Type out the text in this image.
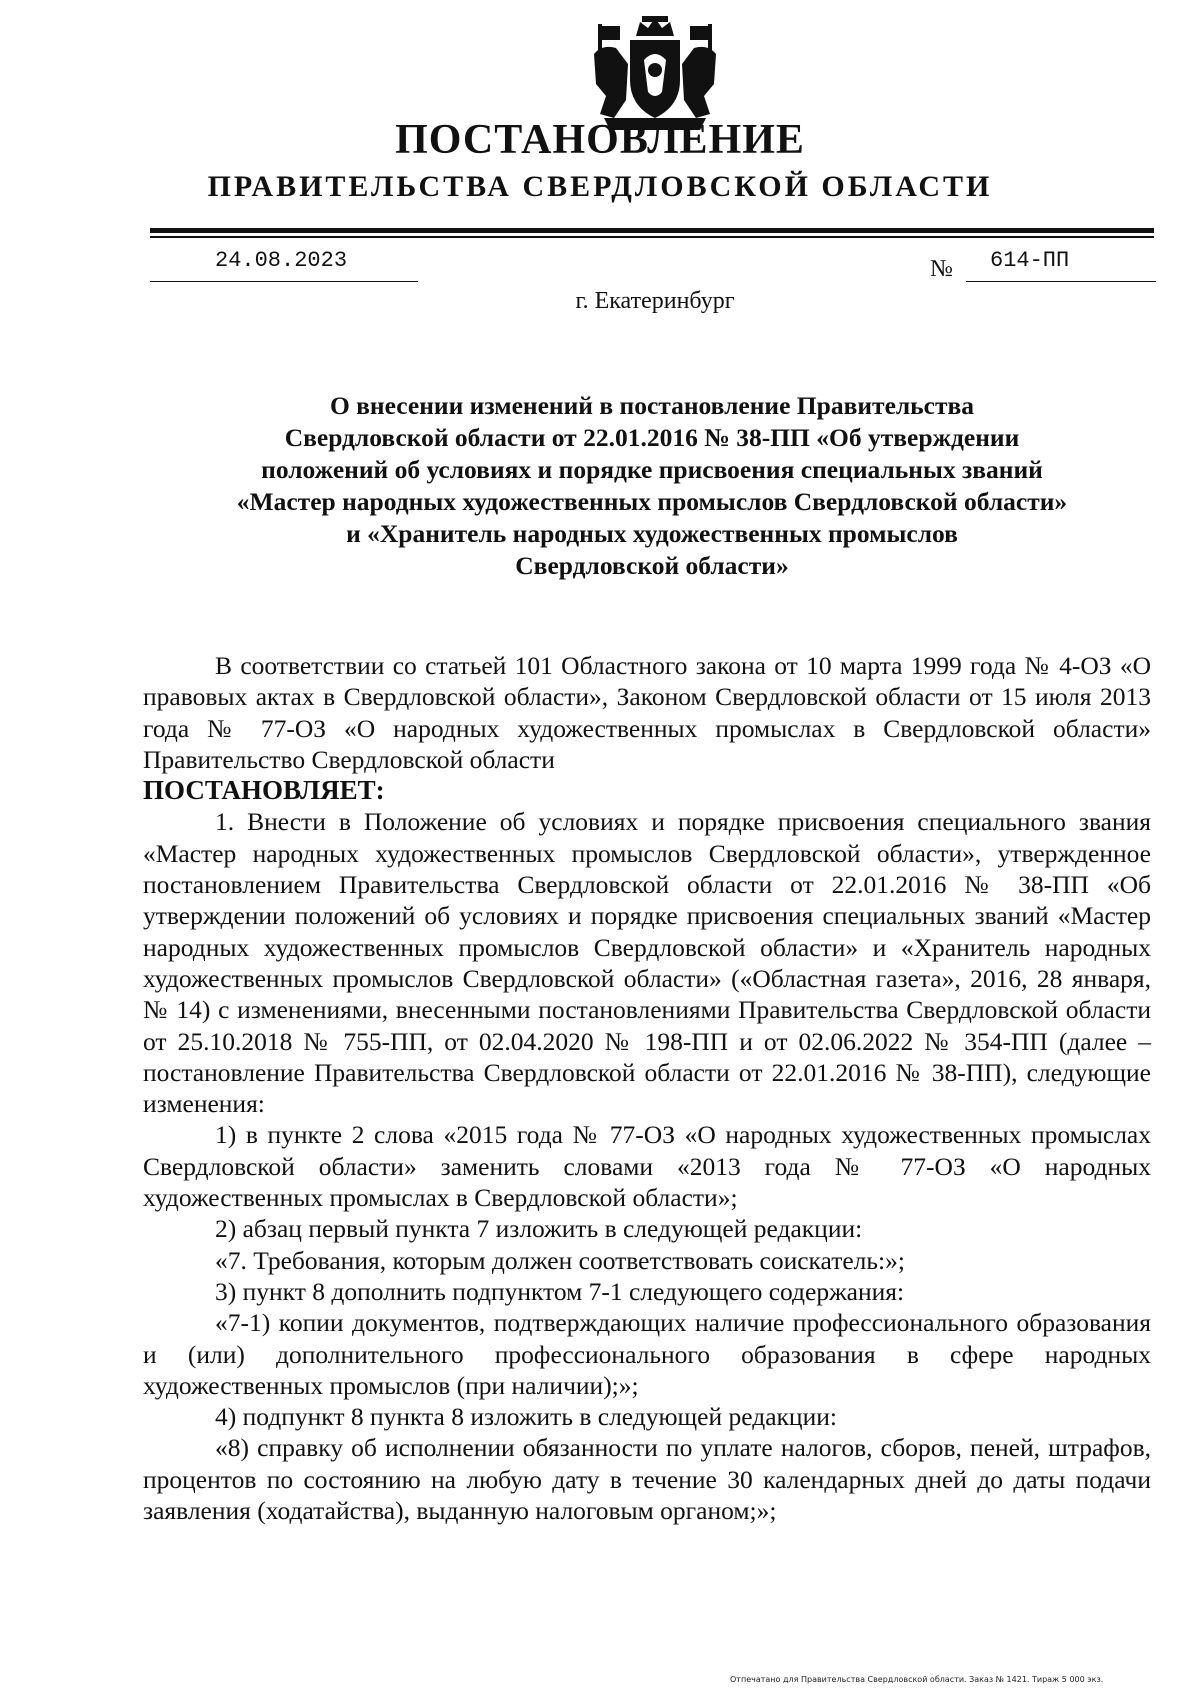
ПОСТАНОВЛЕНИЕ
ПРАВИТЕЛЬСТВА СВЕРДЛОВСКОЙ ОБЛАСТИ
24.08.2023	№ 614-ПП
г. Екатеринбург
О внесении изменений в постановление Правительства
Свердловской области от 22.01.2016 № 38-ПП «Об утверждении
положений об условиях и порядке присвоения специальных званий
«Мастер народных художественных промыслов Свердловской области»
и «Хранитель народных художественных промыслов
Свердловской области»

В соответствии со статьей 101 Областного закона от 10 марта 1999 года № 4-ОЗ «О правовых актах в Свердловской области», Законом Свердловской области от 15 июля 2013 года № 77-ОЗ «О народных художественных промыслах в Свердловской области» Правительство Свердловской области

ПОСТАНОВЛЯЕТ:

1. Внести в Положение об условиях и порядке присвоения специального звания «Мастер народных художественных промыслов Свердловской области», утвержденное постановлением Правительства Свердловской области от 22.01.2016 № 38-ПП «Об утверждении положений об условиях и порядке присвоения специальных званий «Мастер народных художественных промыслов Свердловской области» и «Хранитель народных художественных промыслов Свердловской области» («Областная газета», 2016, 28 января, № 14) с изменениями, внесенными постановлениями Правительства Свердловской области от 25.10.2018 № 755-ПП, от 02.04.2020 № 198-ПП и от 02.06.2022 № 354-ПП (далее – постановление Правительства Свердловской области от 22.01.2016 № 38-ПП), следующие изменения:

1) в пункте 2 слова «2015 года № 77-ОЗ «О народных художественных промыслах Свердловской области» заменить словами «2013 года № 77-ОЗ «О народных художественных промыслах в Свердловской области»;

2) абзац первый пункта 7 изложить в следующей редакции:

«7. Требования, которым должен соответствовать соискатель:»;

3) пункт 8 дополнить подпунктом 7-1 следующего содержания:

«7-1) копии документов, подтверждающих наличие профессионального образования и (или) дополнительного профессионального образования в сфере народных художественных промыслов (при наличии);»;

4) подпункт 8 пункта 8 изложить в следующей редакции:

«8) справку об исполнении обязанности по уплате налогов, сборов, пеней, штрафов, процентов по состоянию на любую дату в течение 30 календарных дней до даты подачи заявления (ходатайства), выданную налоговым органом;»;

Отпечатано для Правительства Свердловской области. Заказ № 1421. Тираж 5 000 экз.
